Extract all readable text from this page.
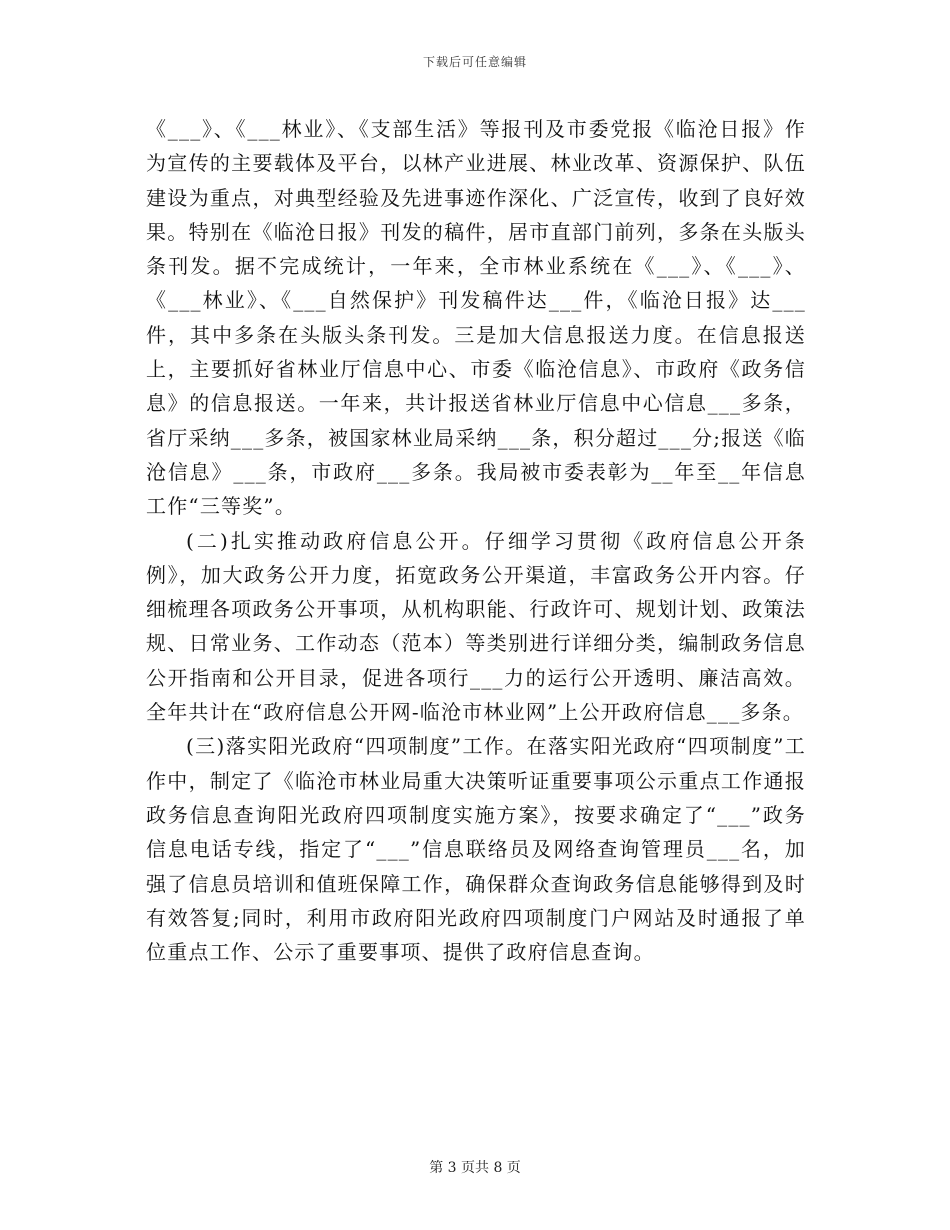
下载后可任意编辑

《___》、《___林业》、《支部生活》等报刊及市委党报《临沧日报》作为宣传的主要载体及平台，以林产业进展、林业改革、资源保护、队伍建设为重点，对典型经验及先进事迹作深化、广泛宣传，收到了良好效果。特别在《临沧日报》刊发的稿件，居市直部门前列，多条在头版头条刊发。据不完成统计，一年来，全市林业系统在《___》、《___》、《___林业》、《___自然保护》刊发稿件达___件，《临沧日报》达___件，其中多条在头版头条刊发。三是加大信息报送力度。在信息报送上，主要抓好省林业厅信息中心、市委《临沧信息》、市政府《政务信息》的信息报送。一年来，共计报送省林业厅信息中心信息___多条，省厅采纳___多条，被国家林业局采纳___条，积分超过___分;报送《临沧信息》___条，市政府___多条。我局被市委表彰为__年至__年信息工作“三等奖”。

(二)扎实推动政府信息公开。仔细学习贯彻《政府信息公开条例》，加大政务公开力度，拓宽政务公开渠道，丰富政务公开内容。仔细梳理各项政务公开事项，从机构职能、行政许可、规划计划、政策法规、日常业务、工作动态（范本）等类别进行详细分类，编制政务信息公开指南和公开目录，促进各项行___力的运行公开透明、廉洁高效。全年共计在“政府信息公开网-临沧市林业网”上公开政府信息___多条。

(三)落实阳光政府“四项制度”工作。在落实阳光政府“四项制度”工作中，制定了《临沧市林业局重大决策听证重要事项公示重点工作通报政务信息查询阳光政府四项制度实施方案》，按要求确定了“___”政务信息电话专线，指定了“___”信息联络员及网络查询管理员___名，加强了信息员培训和值班保障工作，确保群众查询政务信息能够得到及时有效答复;同时，利用市政府阳光政府四项制度门户网站及时通报了单位重点工作、公示了重要事项、提供了政府信息查询。

第 3 页共 8 页
